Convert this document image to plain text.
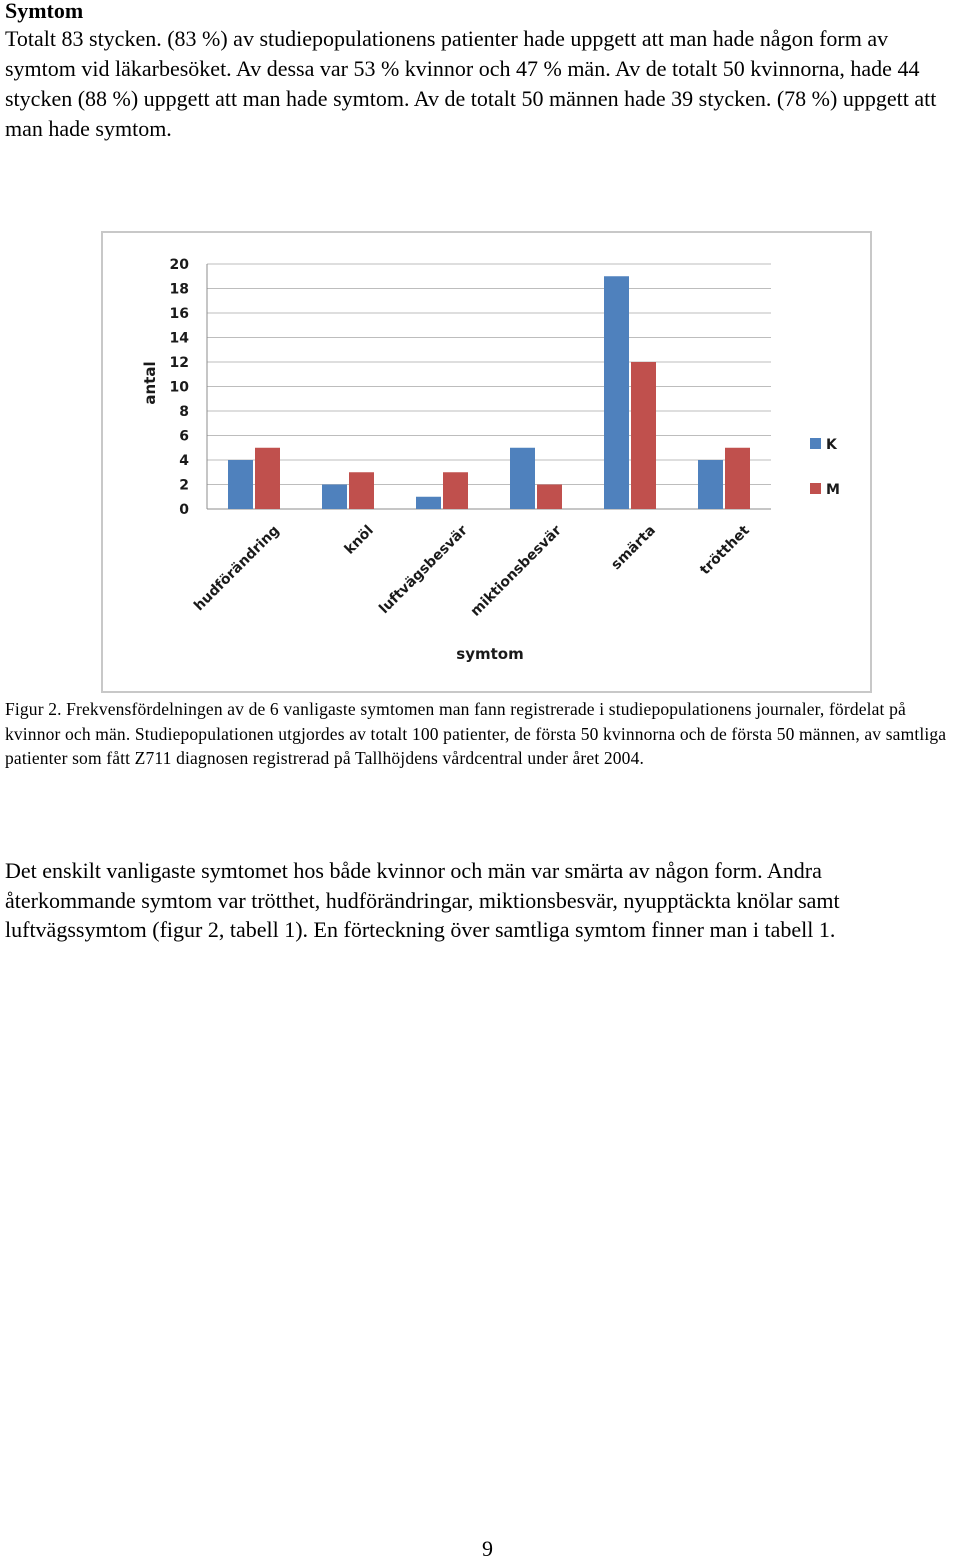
Symtom
Totalt 83 stycken. (83 %) av studiepopulationens patienter hade uppgett att man hade någon form av symtom vid läkarbesöket. Av dessa var 53 % kvinnor och 47 % män. Av de totalt 50 kvinnorna, hade 44 stycken (88 %) uppgett att man hade symtom. Av de totalt 50 männen hade 39 stycken. (78 %) uppgett att man hade symtom.
0
2
4
6
8
10
12
14
16
18
20
hudförändring	knöl luftvägsbesvär
miktionsbesvär	smärta	trötthet
antal
symtom
K
M
Figur 2. Frekvensfördelningen av de 6 vanligaste symtomen man fann registrerade i studiepopulationens journaler, fördelat på kvinnor och män. Studiepopulationen utgjordes av totalt 100 patienter, de första 50 kvinnorna och de första 50 männen, av samtliga patienter som fått Z711 diagnosen registrerad på Tallhöjdens vårdcentral under året 2004.
Det enskilt vanligaste symtomet hos både kvinnor och män var smärta av någon form. Andra återkommande symtom var trötthet, hudförändringar, miktionsbesvär, nyupptäckta knölar samt luftvägssymtom (figur 2, tabell 1). En förteckning över samtliga symtom finner man i tabell 1.
9
